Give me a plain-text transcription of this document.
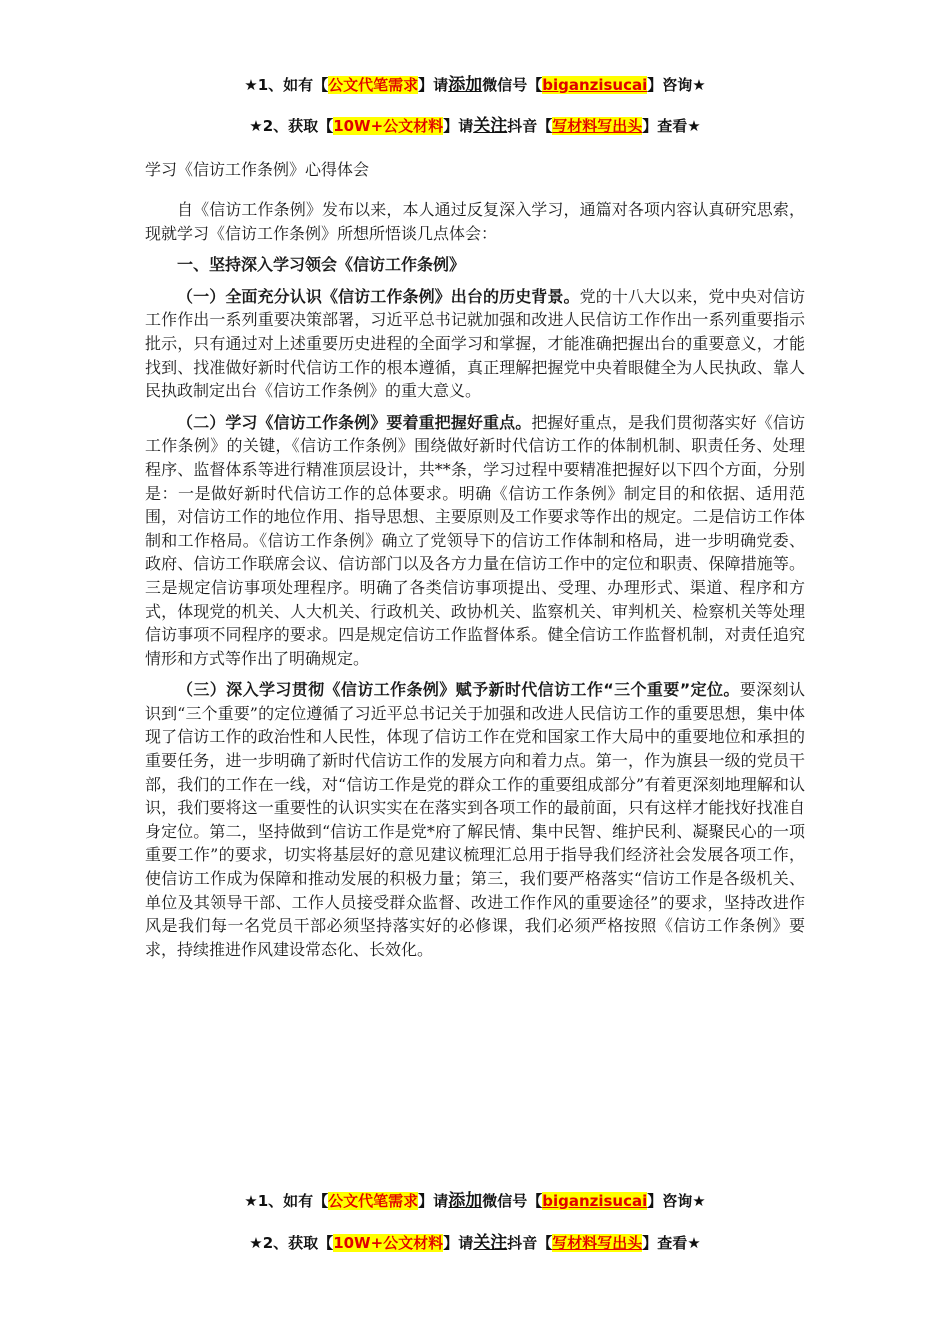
★1、如有【公文代笔需求】请添加微信号【biganzisucai】咨询★
★2、获取【10W+公文材料】请关注抖音【写材料写出头】查看★
学习《信访工作条例》心得体会

自《信访工作条例》发布以来，本人通过反复深入学习，通篇对各项内容认真研究思索，现就学习《信访工作条例》所想所悟谈几点体会：

一、坚持深入学习领会《信访工作条例》

（一）全面充分认识《信访工作条例》出台的历史背景。党的十八大以来，党中央对信访工作作出一系列重要决策部署，习近平总书记就加强和改进人民信访工作作出一系列重要指示批示，只有通过对上述重要历史进程的全面学习和掌握，才能准确把握出台的重要意义，才能找到、找准做好新时代信访工作的根本遵循，真正理解把握党中央着眼健全为人民执政、靠人民执政制定出台《信访工作条例》的重大意义。

（二）学习《信访工作条例》要着重把握好重点。把握好重点，是我们贯彻落实好《信访工作条例》的关键，《信访工作条例》围绕做好新时代信访工作的体制机制、职责任务、处理程序、监督体系等进行精准顶层设计，共**条，学习过程中要精准把握好以下四个方面，分别是：一是做好新时代信访工作的总体要求。明确《信访工作条例》制定目的和依据、适用范围，对信访工作的地位作用、指导思想、主要原则及工作要求等作出的规定。二是信访工作体制和工作格局。《信访工作条例》确立了党领导下的信访工作体制和格局，进一步明确党委、政府、信访工作联席会议、信访部门以及各方力量在信访工作中的定位和职责、保障措施等。三是规定信访事项处理程序。明确了各类信访事项提出、受理、办理形式、渠道、程序和方式，体现党的机关、人大机关、行政机关、政协机关、监察机关、审判机关、检察机关等处理信访事项不同程序的要求。四是规定信访工作监督体系。健全信访工作监督机制，对责任追究情形和方式等作出了明确规定。

（三）深入学习贯彻《信访工作条例》赋予新时代信访工作“三个重要”定位。要深刻认识到“三个重要”的定位遵循了习近平总书记关于加强和改进人民信访工作的重要思想，集中体现了信访工作的政治性和人民性，体现了信访工作在党和国家工作大局中的重要地位和承担的重要任务，进一步明确了新时代信访工作的发展方向和着力点。第一，作为旗县一级的党员干部，我们的工作在一线，对“信访工作是党的群众工作的重要组成部分”有着更深刻地理解和认识，我们要将这一重要性的认识实实在在落实到各项工作的最前面，只有这样才能找好找准自身定位。第二，坚持做到“信访工作是党*府了解民情、集中民智、维护民利、凝聚民心的一项重要工作”的要求，切实将基层好的意见建议梳理汇总用于指导我们经济社会发展各项工作，使信访工作成为保障和推动发展的积极力量；第三，我们要严格落实“信访工作是各级机关、单位及其领导干部、工作人员接受群众监督、改进工作作风的重要途径”的要求，坚持改进作风是我们每一名党员干部必须坚持落实好的必修课，我们必须严格按照《信访工作条例》要求，持续推进作风建设常态化、长效化。

★1、如有【公文代笔需求】请添加微信号【biganzisucai】咨询★
★2、获取【10W+公文材料】请关注抖音【写材料写出头】查看★
